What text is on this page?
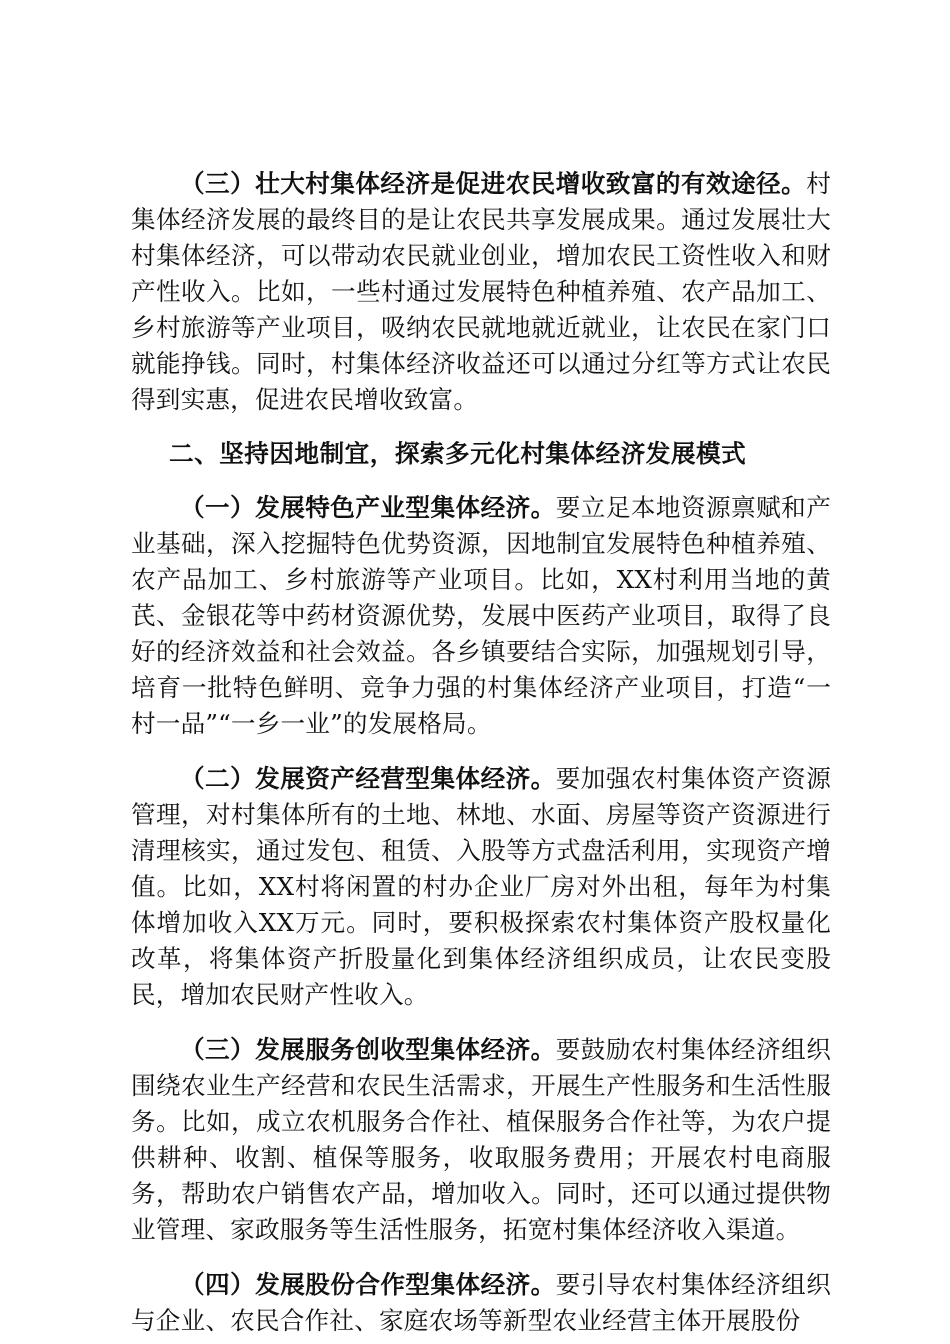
（三）壮大村集体经济是促进农民增收致富的有效途径。村集体经济发展的最终目的是让农民共享发展成果。通过发展壮大村集体经济，可以带动农民就业创业，增加农民工资性收入和财产性收入。比如，一些村通过发展特色种植养殖、农产品加工、乡村旅游等产业项目，吸纳农民就地就近就业，让农民在家门口就能挣钱。同时，村集体经济收益还可以通过分红等方式让农民得到实惠，促进农民增收致富。

二、坚持因地制宜，探索多元化村集体经济发展模式

（一）发展特色产业型集体经济。要立足本地资源禀赋和产业基础，深入挖掘特色优势资源，因地制宜发展特色种植养殖、农产品加工、乡村旅游等产业项目。比如，XX村利用当地的黄芪、金银花等中药材资源优势，发展中医药产业项目，取得了良好的经济效益和社会效益。各乡镇要结合实际，加强规划引导，培育一批特色鲜明、竞争力强的村集体经济产业项目，打造“一村一品”“一乡一业”的发展格局。

（二）发展资产经营型集体经济。要加强农村集体资产资源管理，对村集体所有的土地、林地、水面、房屋等资产资源进行清理核实，通过发包、租赁、入股等方式盘活利用，实现资产增值。比如，XX村将闲置的村办企业厂房对外出租，每年为村集体增加收入XX万元。同时，要积极探索农村集体资产股权量化改革，将集体资产折股量化到集体经济组织成员，让农民变股民，增加农民财产性收入。

（三）发展服务创收型集体经济。要鼓励农村集体经济组织围绕农业生产经营和农民生活需求，开展生产性服务和生活性服务。比如，成立农机服务合作社、植保服务合作社等，为农户提供耕种、收割、植保等服务，收取服务费用；开展农村电商服务，帮助农户销售农产品，增加收入。同时，还可以通过提供物业管理、家政服务等生活性服务，拓宽村集体经济收入渠道。

（四）发展股份合作型集体经济。要引导农村集体经济组织与企业、农民合作社、家庭农场等新型农业经营主体开展股份
